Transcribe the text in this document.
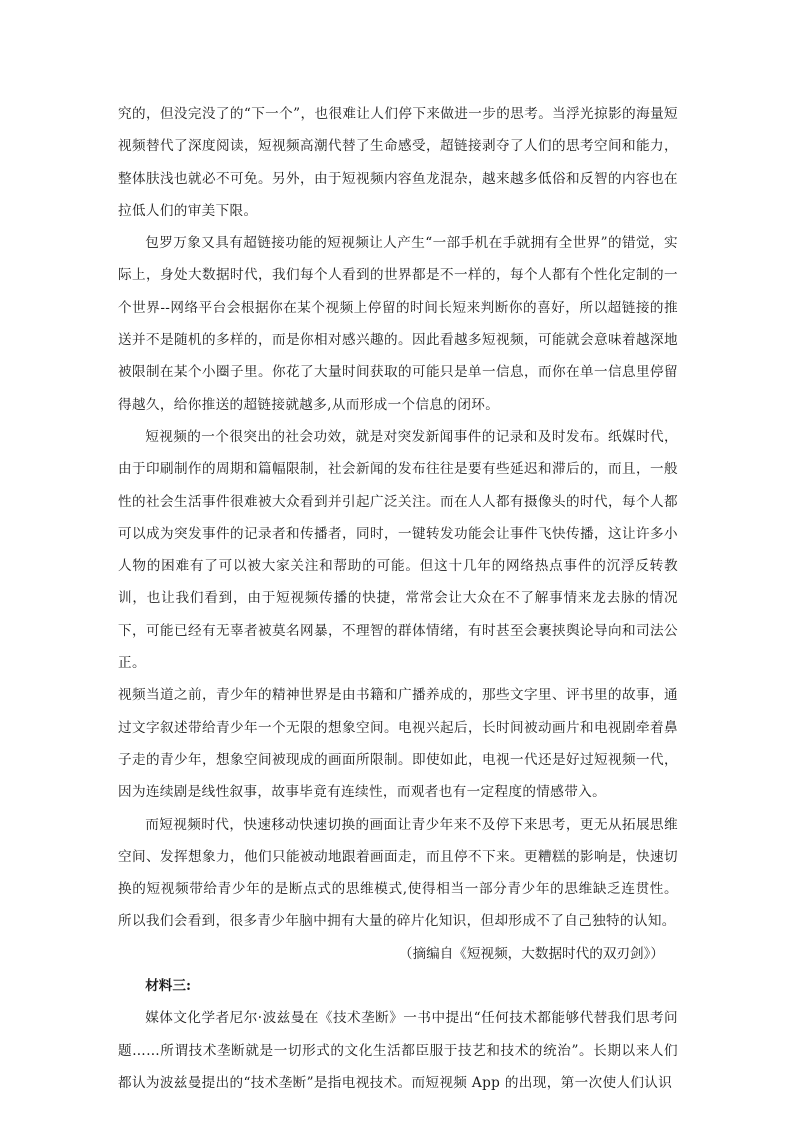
究的，但没完没了的“下一个”，也很难让人们停下来做进一步的思考。当浮光掠影的海量短视频替代了深度阅读，短视频高潮代替了生命感受，超链接剥夺了人们的思考空间和能力，整体肤浅也就必不可免。另外，由于短视频内容鱼龙混杂，越来越多低俗和反智的内容也在拉低人们的审美下限。

包罗万象又具有超链接功能的短视频让人产生“一部手机在手就拥有全世界”的错觉，实际上，身处大数据时代，我们每个人看到的世界都是不一样的，每个人都有个性化定制的一个世界--网络平台会根据你在某个视频上停留的时间长短来判断你的喜好，所以超链接的推送并不是随机的多样的，而是你相对感兴趣的。因此看越多短视频，可能就会意味着越深地被限制在某个小圈子里。你花了大量时间获取的可能只是单一信息，而你在单一信息里停留得越久，给你推送的超链接就越多,从而形成一个信息的闭环。

短视频的一个很突出的社会功效，就是对突发新闻事件的记录和及时发布。纸媒时代，由于印刷制作的周期和篇幅限制，社会新闻的发布往往是要有些延迟和滞后的，而且，一般性的社会生活事件很难被大众看到并引起广泛关注。而在人人都有摄像头的时代，每个人都可以成为突发事件的记录者和传播者，同时，一键转发功能会让事件飞快传播，这让许多小人物的困难有了可以被大家关注和帮助的可能。但这十几年的网络热点事件的沉浮反转教训，也让我们看到，由于短视频传播的快捷，常常会让大众在不了解事情来龙去脉的情况下，可能已经有无辜者被莫名网暴，不理智的群体情绪，有时甚至会裹挟舆论导向和司法公正。

视频当道之前，青少年的精神世界是由书籍和广播养成的，那些文字里、评书里的故事，通过文字叙述带给青少年一个无限的想象空间。电视兴起后，长时间被动画片和电视剧牵着鼻子走的青少年，想象空间被现成的画面所限制。即使如此，电视一代还是好过短视频一代，因为连续剧是线性叙事，故事毕竟有连续性，而观者也有一定程度的情感带入。

而短视频时代，快速移动快速切换的画面让青少年来不及停下来思考，更无从拓展思维空间、发挥想象力，他们只能被动地跟着画面走，而且停不下来。更糟糕的影响是，快速切换的短视频带给青少年的是断点式的思维模式,使得相当一部分青少年的思维缺乏连贯性。所以我们会看到，很多青少年脑中拥有大量的碎片化知识，但却形成不了自己独特的认知。

（摘编自《短视频，大数据时代的双刃剑》）

材料三:

媒体文化学者尼尔·波兹曼在《技术垄断》一书中提出“任何技术都能够代替我们思考问题……所谓技术垄断就是一切形式的文化生活都臣服于技艺和技术的统治”。长期以来人们都认为波兹曼提出的“技术垄断”是指电视技术。而短视频 App 的出现，第一次使人们认识
